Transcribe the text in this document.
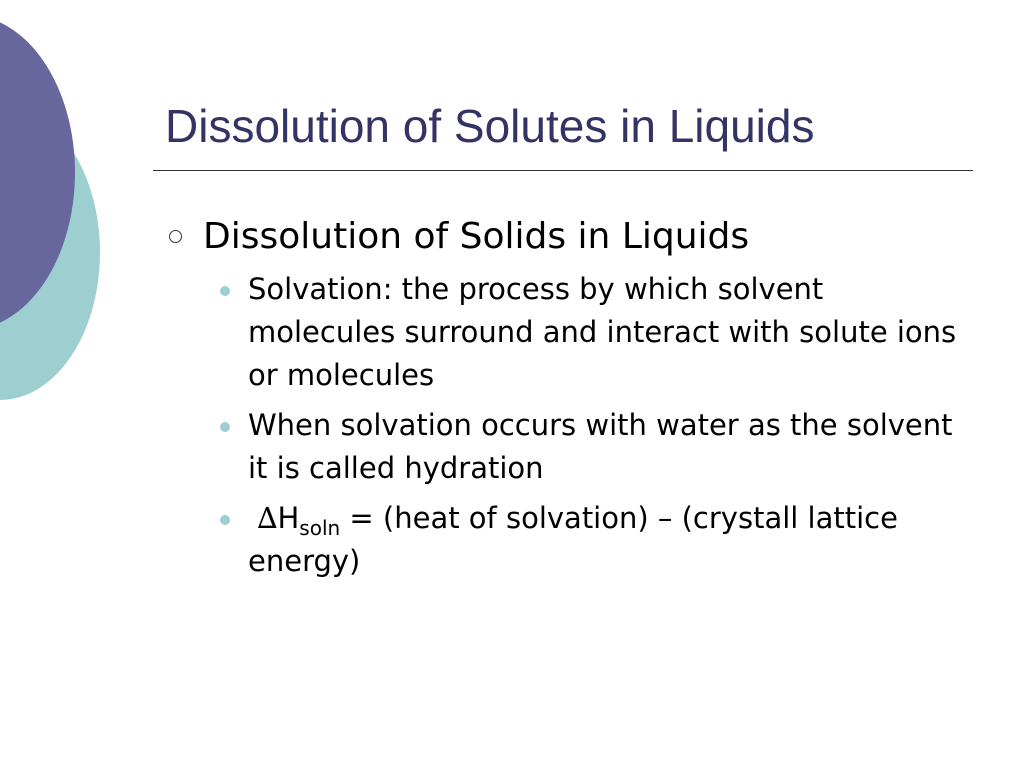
Dissolution of Solutes in Liquids
Dissolution of Solids in Liquids
Solvation: the process by which solvent molecules surround and interact with solute ions or molecules
When solvation occurs with water as the solvent it is called hydration
$\Delta H_{soln}$ = (heat of solvation) – (crystall lattice energy)
